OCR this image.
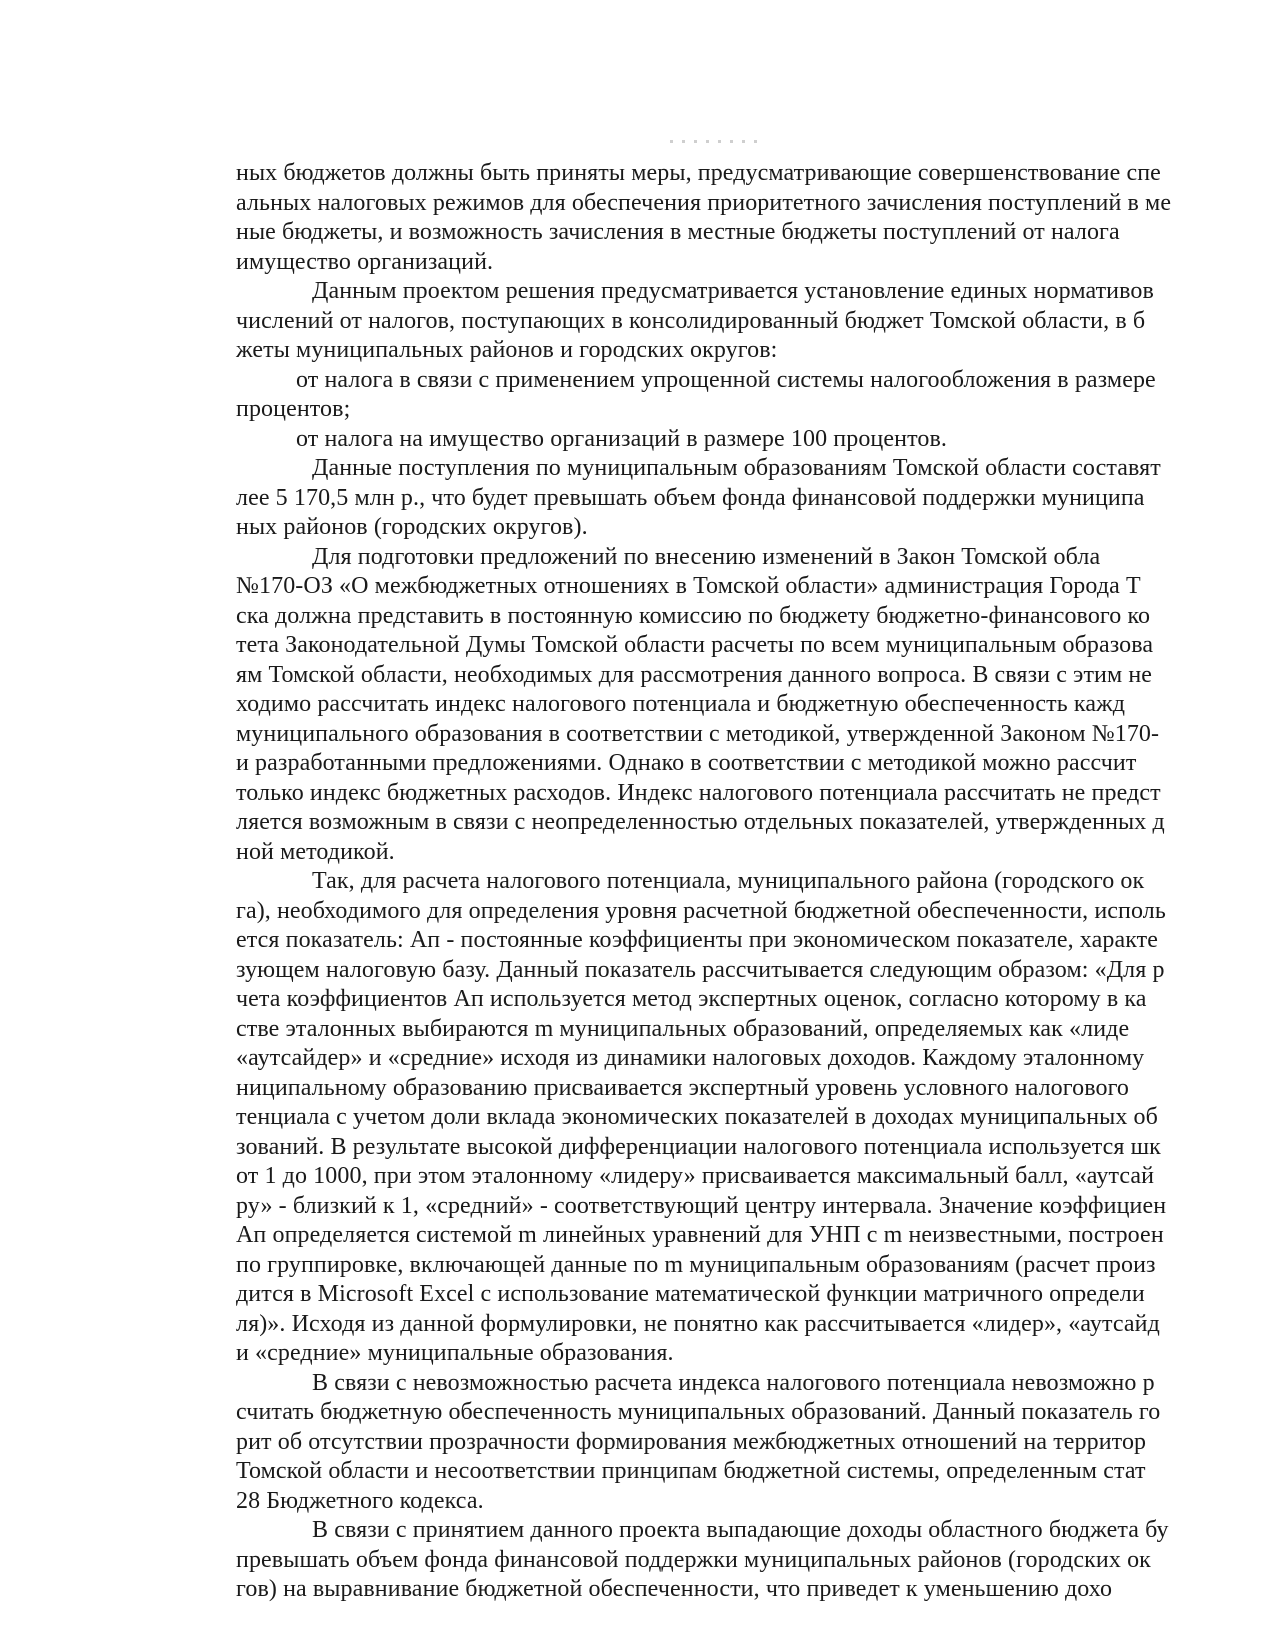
ных бюджетов должны быть приняты меры, предусматривающие совершенствование спе
альных налоговых режимов для обеспечения приоритетного зачисления поступлений в ме
ные бюджеты, и возможность зачисления в местные бюджеты поступлений от налога
имущество организаций.
Данным проектом решения предусматривается установление единых нормативов
числений от налогов, поступающих в консолидированный бюджет Томской области, в б
жеты муниципальных районов и городских округов:
от налога в связи с применением упрощенной системы налогообложения в размере
процентов;
от налога на имущество организаций в размере 100 процентов.
Данные поступления по муниципальным образованиям Томской области составят
лее 5 170,5 млн р., что будет превышать объем фонда финансовой поддержки муниципа
ных районов (городских округов).
Для подготовки предложений по внесению изменений в Закон Томской обла
№170-ОЗ «О межбюджетных отношениях в Томской области» администрация Города Т
ска должна представить в постоянную комиссию по бюджету бюджетно-финансового ко
тета Законодательной Думы Томской области расчеты по всем муниципальным образова
ям Томской области, необходимых для рассмотрения данного вопроса. В связи с этим не
ходимо рассчитать индекс налогового потенциала и бюджетную обеспеченность кажд
муниципального образования в соответствии с методикой, утвержденной Законом №170-
и разработанными предложениями. Однако в соответствии с методикой можно рассчит
только индекс бюджетных расходов. Индекс налогового потенциала рассчитать не предст
ляется возможным в связи с неопределенностью отдельных показателей, утвержденных д
ной методикой.
Так, для расчета налогового потенциала, муниципального района (городского ок
га), необходимого для определения уровня расчетной бюджетной обеспеченности, исполь
ется показатель: Ап - постоянные коэффициенты при экономическом показателе, характе
зующем налоговую базу. Данный показатель рассчитывается следующим образом: «Для р
чета коэффициентов Ап используется метод экспертных оценок, согласно которому в ка
стве эталонных выбираются m муниципальных образований, определяемых как «лиде
«аутсайдер» и «средние» исходя из динамики налоговых доходов. Каждому эталонному
ниципальному образованию присваивается экспертный уровень условного налогового
тенциала с учетом доли вклада экономических показателей в доходах муниципальных об
зований. В результате высокой дифференциации налогового потенциала используется шк
от 1 до 1000, при этом эталонному «лидеру» присваивается максимальный балл, «аутсай
ру» - близкий к 1, «средний» - соответствующий центру интервала. Значение коэффициен
Ап определяется системой m линейных уравнений для УНП с m неизвестными, построен
по группировке, включающей данные по m муниципальным образованиям (расчет произ
дится в Microsoft Excel с использование математической функции матричного определи
ля)». Исходя из данной формулировки, не понятно как рассчитывается «лидер», «аутсайд
и «средние» муниципальные образования.
В связи с невозможностью расчета индекса налогового потенциала невозможно р
считать бюджетную обеспеченность муниципальных образований. Данный показатель го
рит об отсутствии прозрачности формирования межбюджетных отношений на территор
Томской области и несоответствии принципам бюджетной системы, определенным стат
28 Бюджетного кодекса.
В связи с принятием данного проекта выпадающие доходы областного бюджета бу
превышать объем фонда финансовой поддержки муниципальных районов (городских ок
гов) на выравнивание бюджетной обеспеченности, что приведет к уменьшению дохо
